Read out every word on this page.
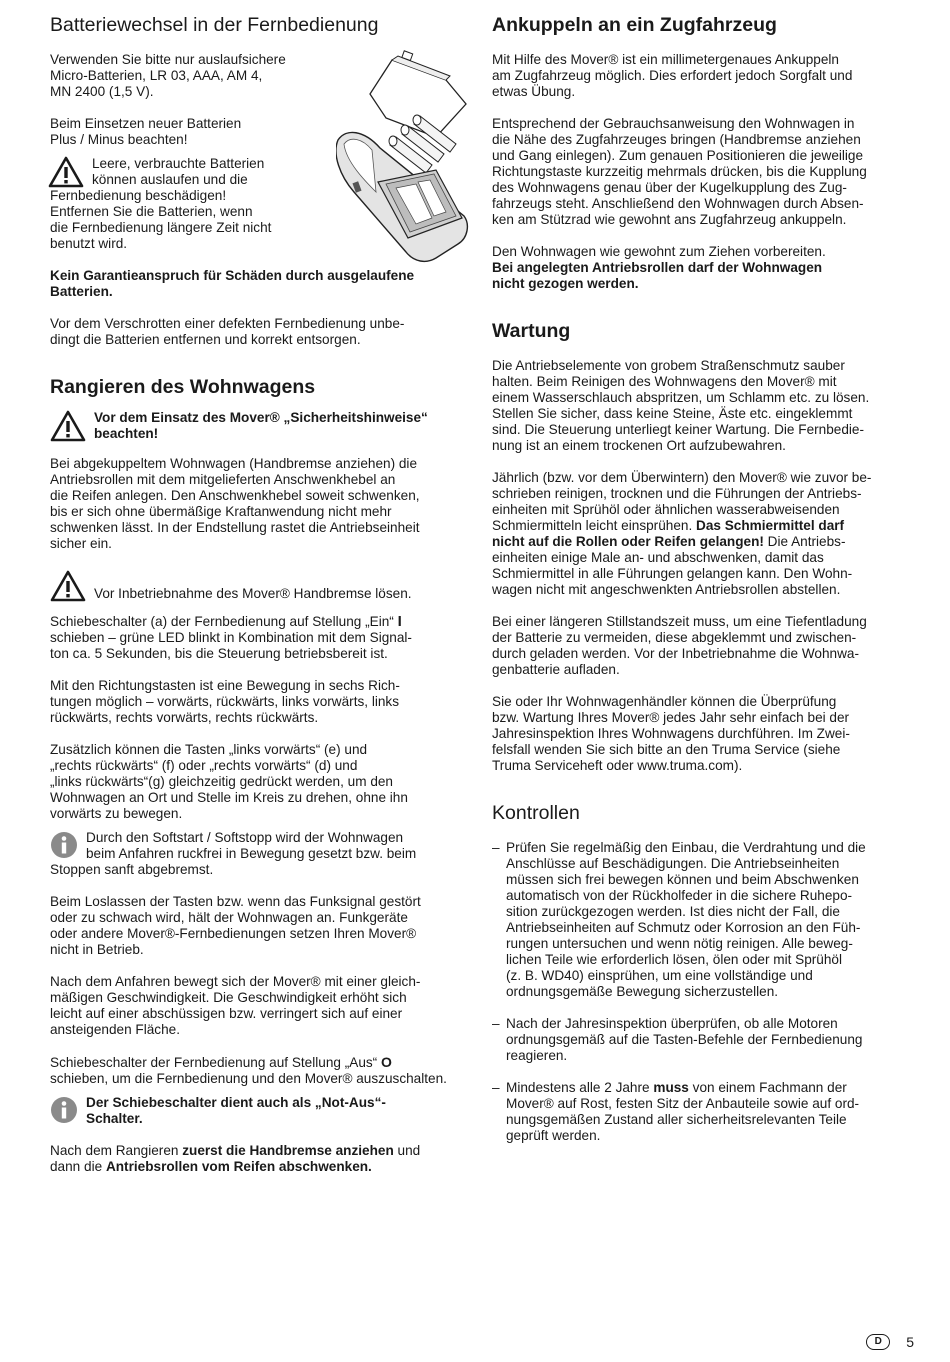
Batteriewechsel in der Fernbedienung

Verwenden Sie bitte nur auslaufsichere
Micro-Batterien, LR 03, AAA, AM 4,
MN 2400 (1,5 V).

Beim Einsetzen neuer Batterien
Plus / Minus beachten!

Leere, verbrauchte Batterien
können auslaufen und die
Fernbedienung beschädigen!
Entfernen Sie die Batterien, wenn
die Fernbedienung längere Zeit nicht
benutzt wird.

Kein Garantieanspruch für Schäden durch ausgelaufene
Batterien.

Vor dem Verschrotten einer defekten Fernbedienung unbe-
dingt die Batterien entfernen und korrekt entsorgen.

Rangieren des Wohnwagens

Vor dem Einsatz des Mover® „Sicherheitshinweise“
beachten!

Bei abgekuppeltem Wohnwagen (Handbremse anziehen) die
Antriebsrollen mit dem mitgelieferten Anschwenkhebel an
die Reifen anlegen. Den Anschwenkhebel soweit schwenken,
bis er sich ohne übermäßige Kraftanwendung nicht mehr
schwenken lässt. In der Endstellung rastet die Antriebseinheit
sicher ein.

Vor Inbetriebnahme des Mover® Handbremse lösen.

Schiebeschalter (a) der Fernbedienung auf Stellung „Ein“ I
schieben – grüne LED blinkt in Kombination mit dem Signal-
ton ca. 5 Sekunden, bis die Steuerung betriebsbereit ist.

Mit den Richtungstasten ist eine Bewegung in sechs Rich-
tungen möglich – vorwärts, rückwärts, links vorwärts, links
rückwärts, rechts vorwärts, rechts rückwärts.

Zusätzlich können die Tasten „links vorwärts“ (e) und
„rechts rückwärts“ (f) oder „rechts vorwärts“ (d) und
„links rückwärts“(g) gleichzeitig gedrückt werden, um den
Wohnwagen an Ort und Stelle im Kreis zu drehen, ohne ihn
vorwärts zu bewegen.

Durch den Softstart / Softstopp wird der Wohnwagen
beim Anfahren ruckfrei in Bewegung gesetzt bzw. beim
Stoppen sanft abgebremst.

Beim Loslassen der Tasten bzw. wenn das Funksignal gestört
oder zu schwach wird, hält der Wohnwagen an. Funkgeräte
oder andere Mover®-Fernbedienungen setzen Ihren Mover®
nicht in Betrieb.

Nach dem Anfahren bewegt sich der Mover® mit einer gleich-
mäßigen Geschwindigkeit. Die Geschwindigkeit erhöht sich
leicht auf einer abschüssigen bzw. verringert sich auf einer
ansteigenden Fläche.

Schiebeschalter der Fernbedienung auf Stellung „Aus“ O
schieben, um die Fernbedienung und den Mover® auszuschalten.

Der Schiebeschalter dient auch als „Not-Aus“-
Schalter.

Nach dem Rangieren zuerst die Handbremse anziehen und
dann die Antriebsrollen vom Reifen abschwenken.

Ankuppeln an ein Zugfahrzeug

Mit Hilfe des Mover® ist ein millimetergenaues Ankuppeln
am Zugfahrzeug möglich. Dies erfordert jedoch Sorgfalt und
etwas Übung.

Entsprechend der Gebrauchsanweisung den Wohnwagen in
die Nähe des Zugfahrzeuges bringen (Handbremse anziehen
und Gang einlegen). Zum genauen Positionieren die jeweilige
Richtungstaste kurzzeitig mehrmals drücken, bis die Kupplung
des Wohnwagens genau über der Kugelkupplung des Zug-
fahrzeugs steht. Anschließend den Wohnwagen durch Absen-
ken am Stützrad wie gewohnt ans Zugfahrzeug ankuppeln.

Den Wohnwagen wie gewohnt zum Ziehen vorbereiten.
Bei angelegten Antriebsrollen darf der Wohnwagen
nicht gezogen werden.

Wartung

Die Antriebselemente von grobem Straßenschmutz sauber
halten. Beim Reinigen des Wohnwagens den Mover® mit
einem Wasserschlauch abspritzen, um Schlamm etc. zu lösen.
Stellen Sie sicher, dass keine Steine, Äste etc. eingeklemmt
sind. Die Steuerung unterliegt keiner Wartung. Die Fernbedie-
nung ist an einem trockenen Ort aufzubewahren.

Jährlich (bzw. vor dem Überwintern) den Mover® wie zuvor be-
schrieben reinigen, trocknen und die Führungen der Antriebs-
einheiten mit Sprühöl oder ähnlichen wasserabweisenden
Schmiermitteln leicht einsprühen. Das Schmiermittel darf
nicht auf die Rollen oder Reifen gelangen! Die Antriebs-
einheiten einige Male an- und abschwenken, damit das
Schmiermittel in alle Führungen gelangen kann. Den Wohn-
wagen nicht mit angeschwenkten Antriebsrollen abstellen.

Bei einer längeren Stillstandszeit muss, um eine Tiefentladung
der Batterie zu vermeiden, diese abgeklemmt und zwischen-
durch geladen werden. Vor der Inbetriebnahme die Wohnwa-
genbatterie aufladen.

Sie oder Ihr Wohnwagenhändler können die Überprüfung
bzw. Wartung Ihres Mover® jedes Jahr sehr einfach bei der
Jahresinspektion Ihres Wohnwagens durchführen. Im Zwei-
felsfall wenden Sie sich bitte an den Truma Service (siehe
Truma Serviceheft oder www.truma.com).

Kontrollen
– Prüfen Sie regelmäßig den Einbau, die Verdrahtung und die
Anschlüsse auf Beschädigungen. Die Antriebseinheiten
müssen sich frei bewegen können und beim Abschwenken
automatisch von der Rückholfeder in die sichere Ruhepo-
sition zurückgezogen werden. Ist dies nicht der Fall, die
Antriebseinheiten auf Schmutz oder Korrosion an den Füh-
rungen untersuchen und wenn nötig reinigen. Alle beweg-
lichen Teile wie erforderlich lösen, ölen oder mit Sprühöl
(z. B. WD40) einsprühen, um eine vollständige und
ordnungsgemäße Bewegung sicherzustellen.
– Nach der Jahresinspektion überprüfen, ob alle Motoren
ordnungsgemäß auf die Tasten-Befehle der Fernbedienung
reagieren.
– Mindestens alle 2 Jahre muss von einem Fachmann der
Mover® auf Rost, festen Sitz der Anbauteile sowie auf ord-
nungsgemäßen Zustand aller sicherheitsrelevanten Teile
geprüft werden.
D	5
